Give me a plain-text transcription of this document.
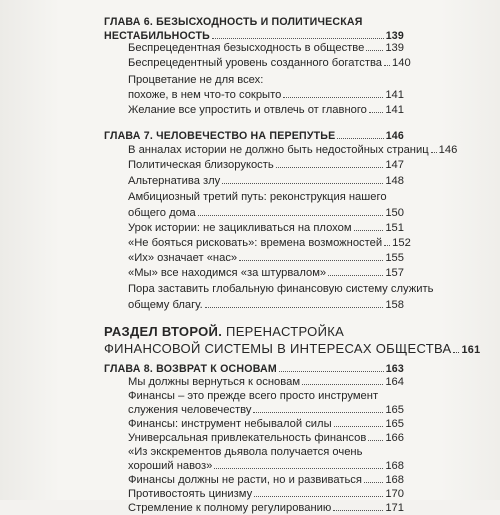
ГЛАВА 6. БЕЗЫСХОДНОСТЬ И ПОЛИТИЧЕСКАЯ
НЕСТАБИЛЬНОСТЬ	139
Беспрецедентная безысходность в обществе 139
Беспрецедентный уровень созданного богатства 140
Процветание не для всех:
похоже, в нем что-то сокрыто	141
Желание все упростить и отвлечь от главного 141
ГЛАВА 7. ЧЕЛОВЕЧЕСТВО НА ПЕРЕПУТЬЕ	146
В анналах истории не должно быть недостойных страниц 146
Политическая близорукость	147
Альтернатива злу	148
Амбициозный третий путь: реконструкция нашего
общего дома	150
Урок истории: не зацикливаться на плохом	151
«Не бояться рисковать»: времена возможностей 152
«Их» означает «нас»	155
«Мы» все находимся «за штурвалом»	157
Пора заставить глобальную финансовую систему служить
общему благу.	158
РАЗДЕЛ ВТОРОЙ.
ПЕРЕНАСТРОЙКА
ФИНАНСОВОЙ СИСТЕМЫ В ИНТЕРЕСАХ ОБЩЕСТВА 161
ГЛАВА 8. ВОЗВРАТ К ОСНОВАМ	163
Мы должны вернуться к основам	164
Финансы – это прежде всего просто инструмент
служения человечеству	165
Финансы: инструмент небывалой силы	165
Универсальная привлекательность финансов 166
«Из экскрементов дьявола получается очень
хороший навоз»	168
Финансы должны не расти, но и развиваться 168
Противостоять цинизму	170
Стремление к полному регулированию	171
